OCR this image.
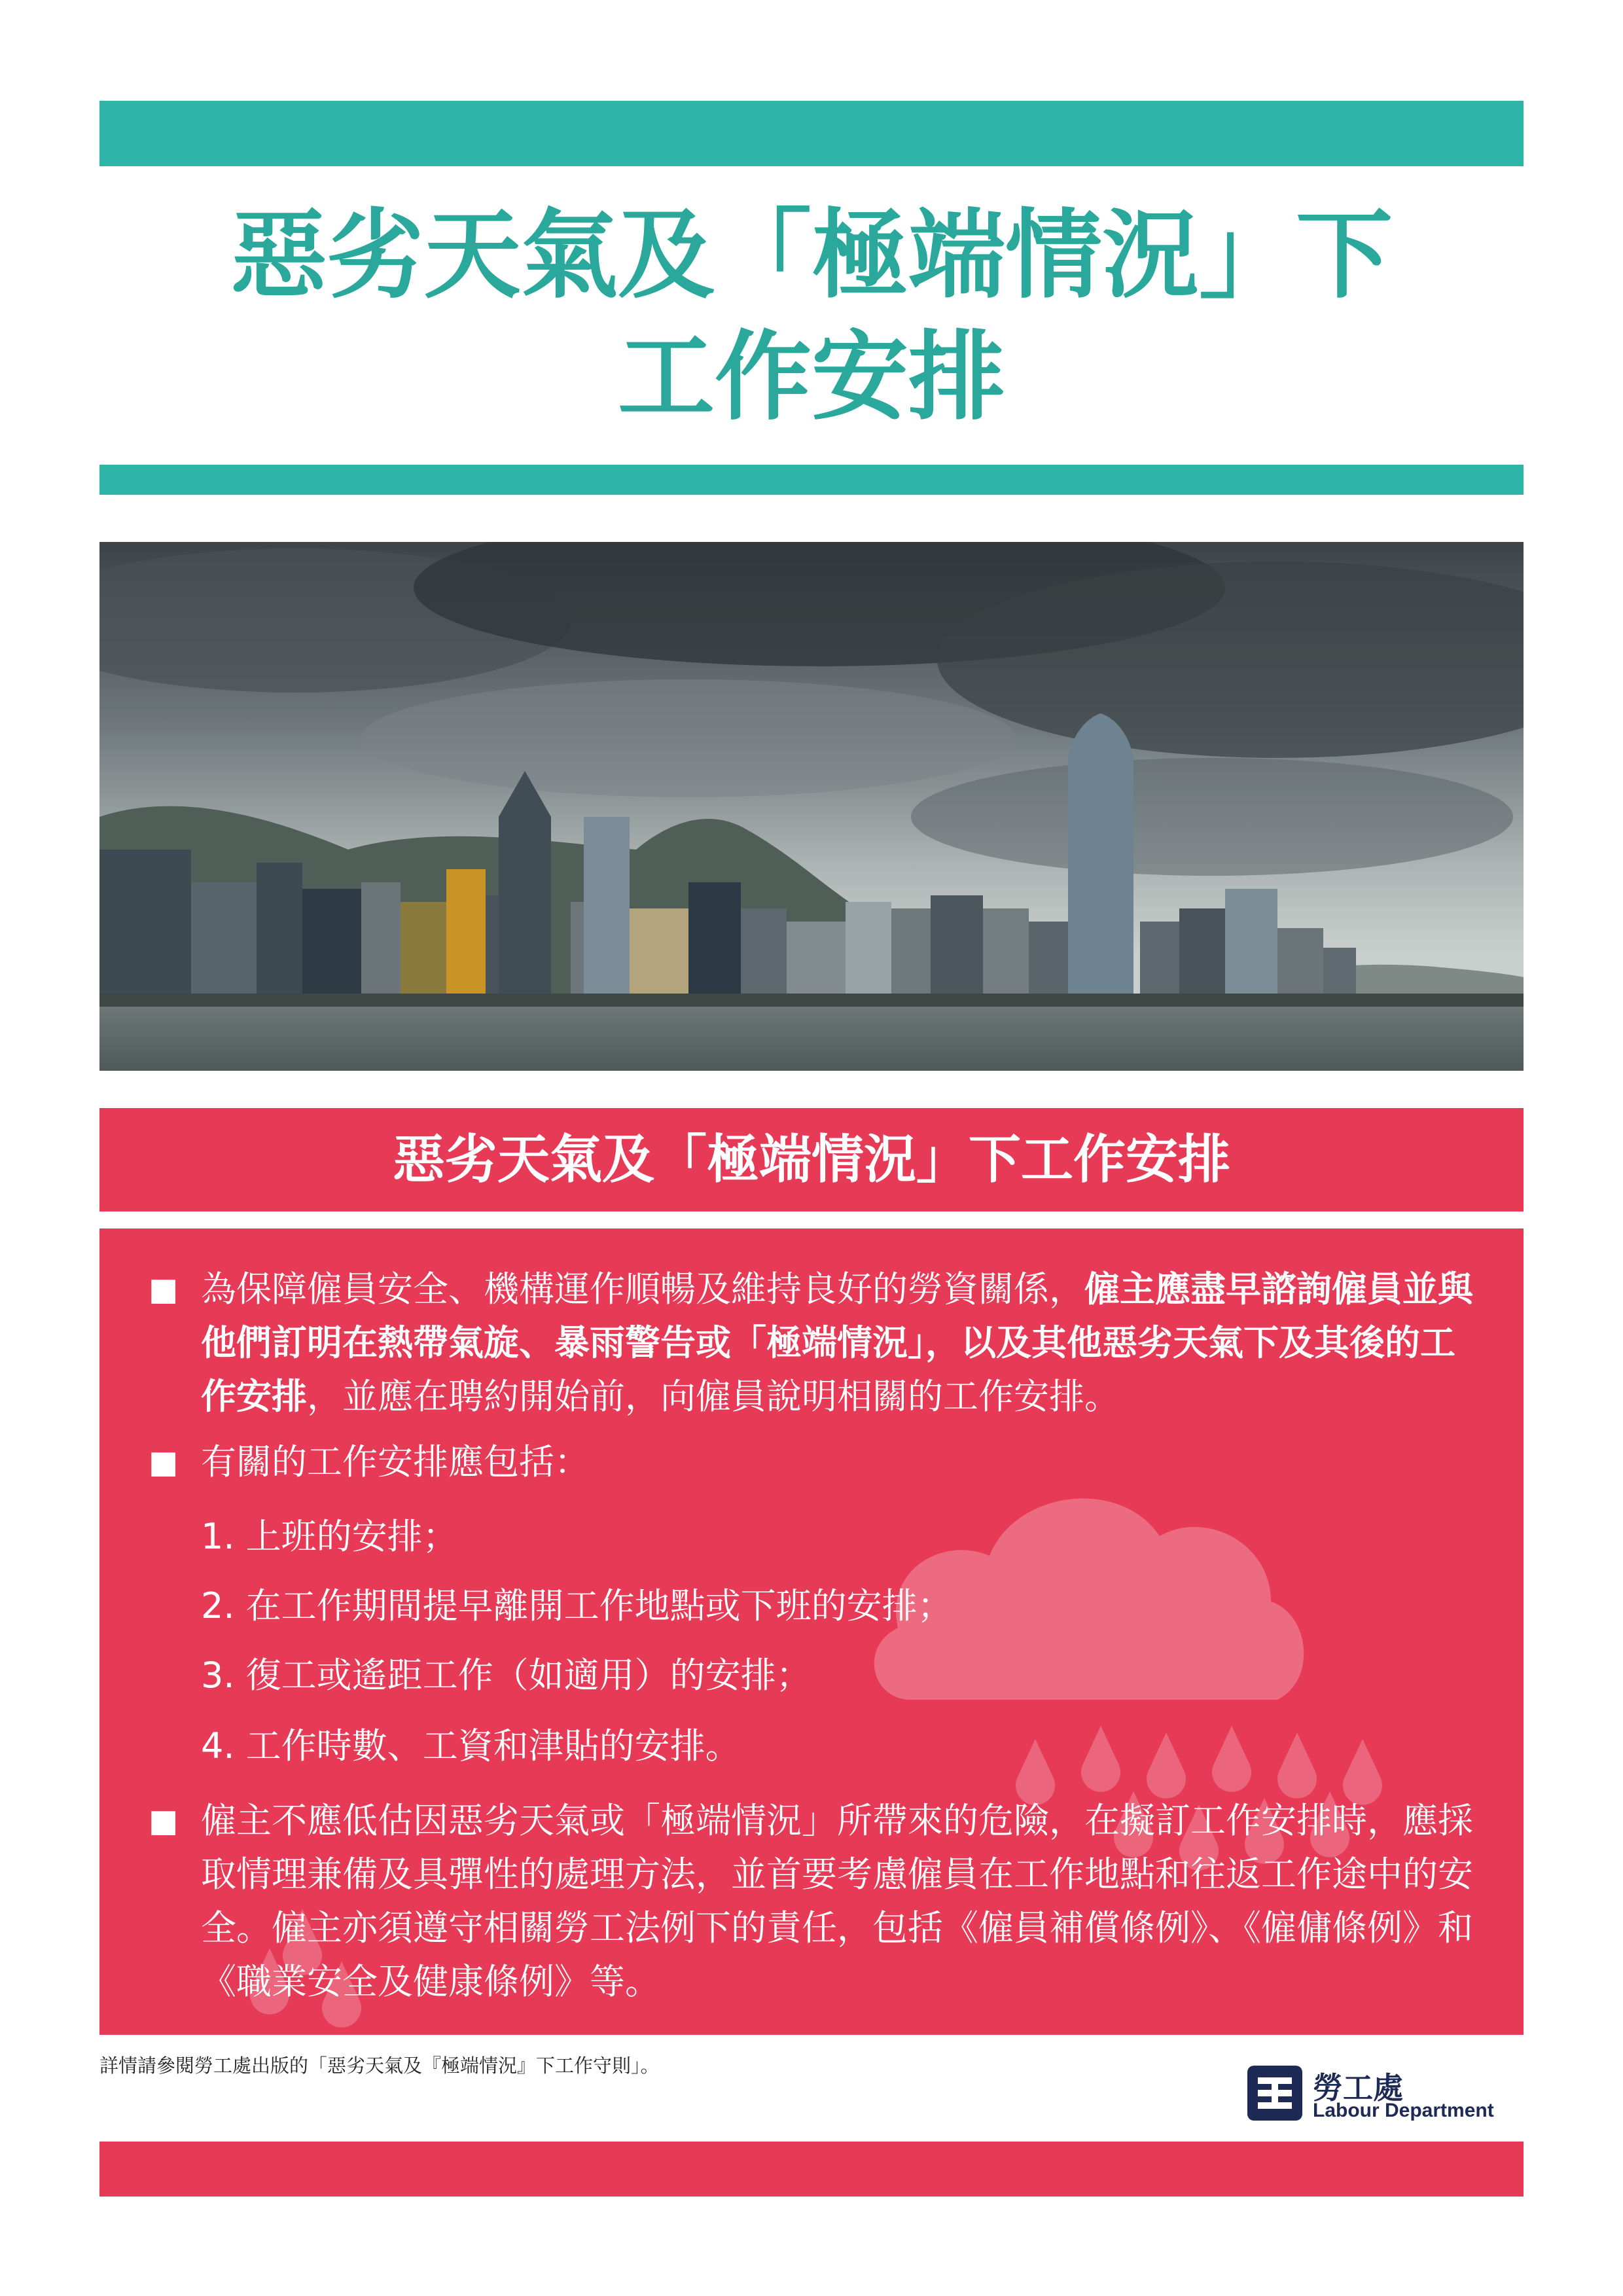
惡劣天氣及「極端情況」下
工作安排
惡劣天氣及「極端情況」下工作安排
■ 為保障僱員安全、機構運作順暢及維持良好的勞資關係，僱主應盡早諮詢僱員並與他們訂明在熱帶氣旋、暴雨警告或「極端情況」，以及其他惡劣天氣下及其後的工作安排，並應在聘約開始前，向僱員說明相關的工作安排。
■ 有關的工作安排應包括：
1. 上班的安排；
2. 在工作期間提早離開工作地點或下班的安排；
3. 復工或遙距工作（如適用）的安排；
4. 工作時數、工資和津貼的安排。
■ 僱主不應低估因惡劣天氣或「極端情況」所帶來的危險，在擬訂工作安排時，應採取情理兼備及具彈性的處理方法，並首要考慮僱員在工作地點和往返工作途中的安全。僱主亦須遵守相關勞工法例下的責任，包括《僱員補償條例》、《僱傭條例》和《職業安全及健康條例》等。
詳情請參閱勞工處出版的「惡劣天氣及『極端情況』下工作守則」。
勞工處
Labour Department
